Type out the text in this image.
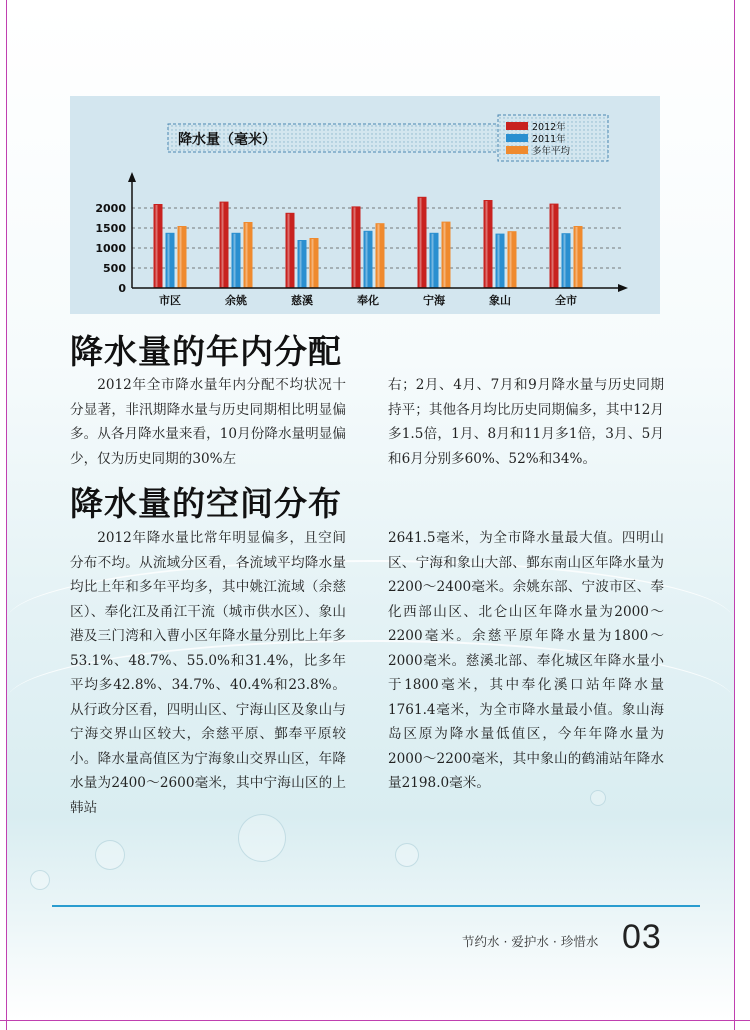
降水量（毫米）
2012年
2011年
多年平均
0
500
1000
1500
2000
市区	余姚	慈溪	奉化	宁海	象山	全市
降水量的年内分配

2012年全市降水量年内分配不均状况十分显著，非汛期降水量与历史同期相比明显偏多。从各月降水量来看，10月份降水量明显偏少，仅为历史同期的30%左

右；2月、4月、7月和9月降水量与历史同期持平；其他各月均比历史同期偏多，其中12月多1.5倍，1月、8月和11月多1倍，3月、5月和6月分别多60%、52%和34%。

降水量的空间分布

2012年降水量比常年明显偏多，且空间分布不均。从流域分区看，各流域平均降水量均比上年和多年平均多，其中姚江流域（余慈区）、奉化江及甬江干流（城市供水区）、象山港及三门湾和入曹小区年降水量分别比上年多53.1%、48.7%、55.0%和31.4%，比多年平均多42.8%、34.7%、40.4%和23.8%。从行政分区看，四明山区、宁海山区及象山与宁海交界山区较大，余慈平原、鄞奉平原较小。降水量高值区为宁海象山交界山区，年降水量为2400～2600毫米，其中宁海山区的上韩站

2641.5毫米，为全市降水量最大值。四明山区、宁海和象山大部、鄞东南山区年降水量为2200～2400毫米。余姚东部、宁波市区、奉化西部山区、北仑山区年降水量为2000～2200毫米。余慈平原年降水量为1800～2000毫米。慈溪北部、奉化城区年降水量小于1800毫米，其中奉化溪口站年降水量1761.4毫米，为全市降水量最小值。象山海岛区原为降水量低值区，今年年降水量为2000～2200毫米，其中象山的鹤浦站年降水量2198.0毫米。

节约水 · 爱护水 · 珍惜水 03
